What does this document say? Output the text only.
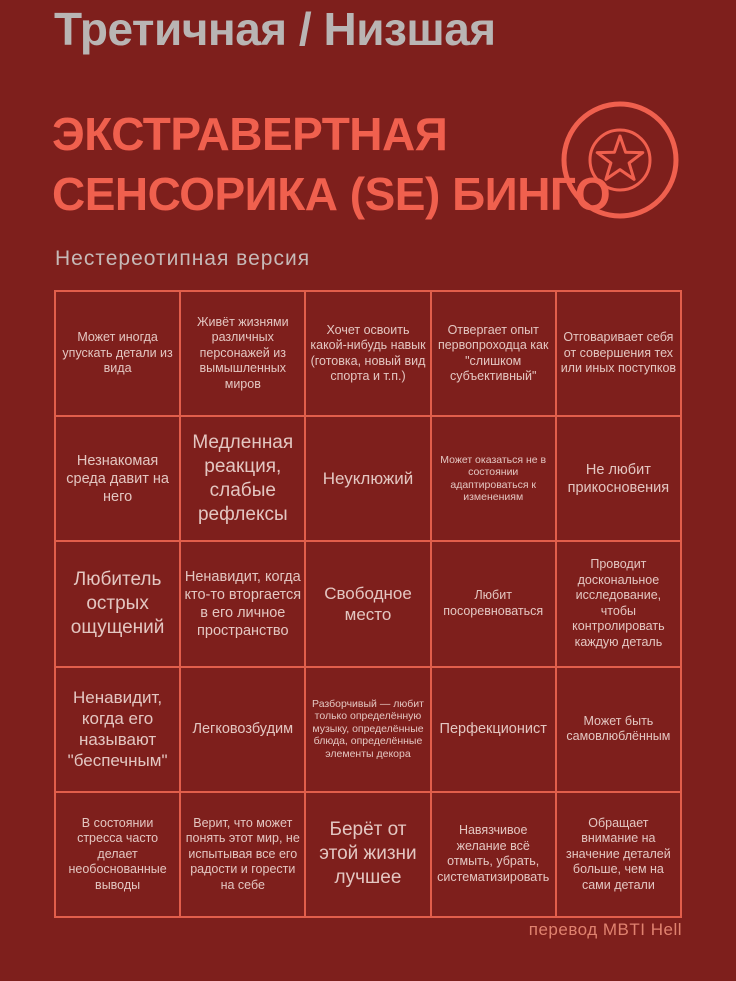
Третичная / Низшая
ЭКСТРАВЕРТНАЯ
СЕНСОРИКА (SE) БИНГО
Нестереотипная версия
Может иногда упускать детали из вида
Живёт жизнями различных персонажей из вымышленных миров
Хочет освоить какой-нибудь навык (готовка, новый вид спорта и т.п.)
Отвергает опыт первопроходца как "слишком субъективный"
Отговаривает себя от совершения тех или иных поступков
Незнакомая среда давит на него
Медленная реакция, слабые рефлексы
Неуклюжий
Может оказаться не в состоянии адаптироваться к изменениям
Не любит прикосновения
Любитель острых ощущений
Ненавидит, когда кто-то вторгается в его личное пространство
Свободное место
Любит посоревноваться
Проводит доскональное исследование, чтобы контролировать каждую деталь
Ненавидит, когда его называют "беспечным"
Легковозбудим
Разборчивый — любит только определённую музыку, определённые блюда, определённые элементы декора
Перфекционист
Может быть самовлюблённым
В состоянии стресса часто делает необоснованные выводы
Верит, что может понять этот мир, не испытывая все его радости и горести на себе
Берёт от этой жизни лучшее
Навязчивое желание всё отмыть, убрать, систематизировать
Обращает внимание на значение деталей больше, чем на сами детали
перевод MBTI Hell
